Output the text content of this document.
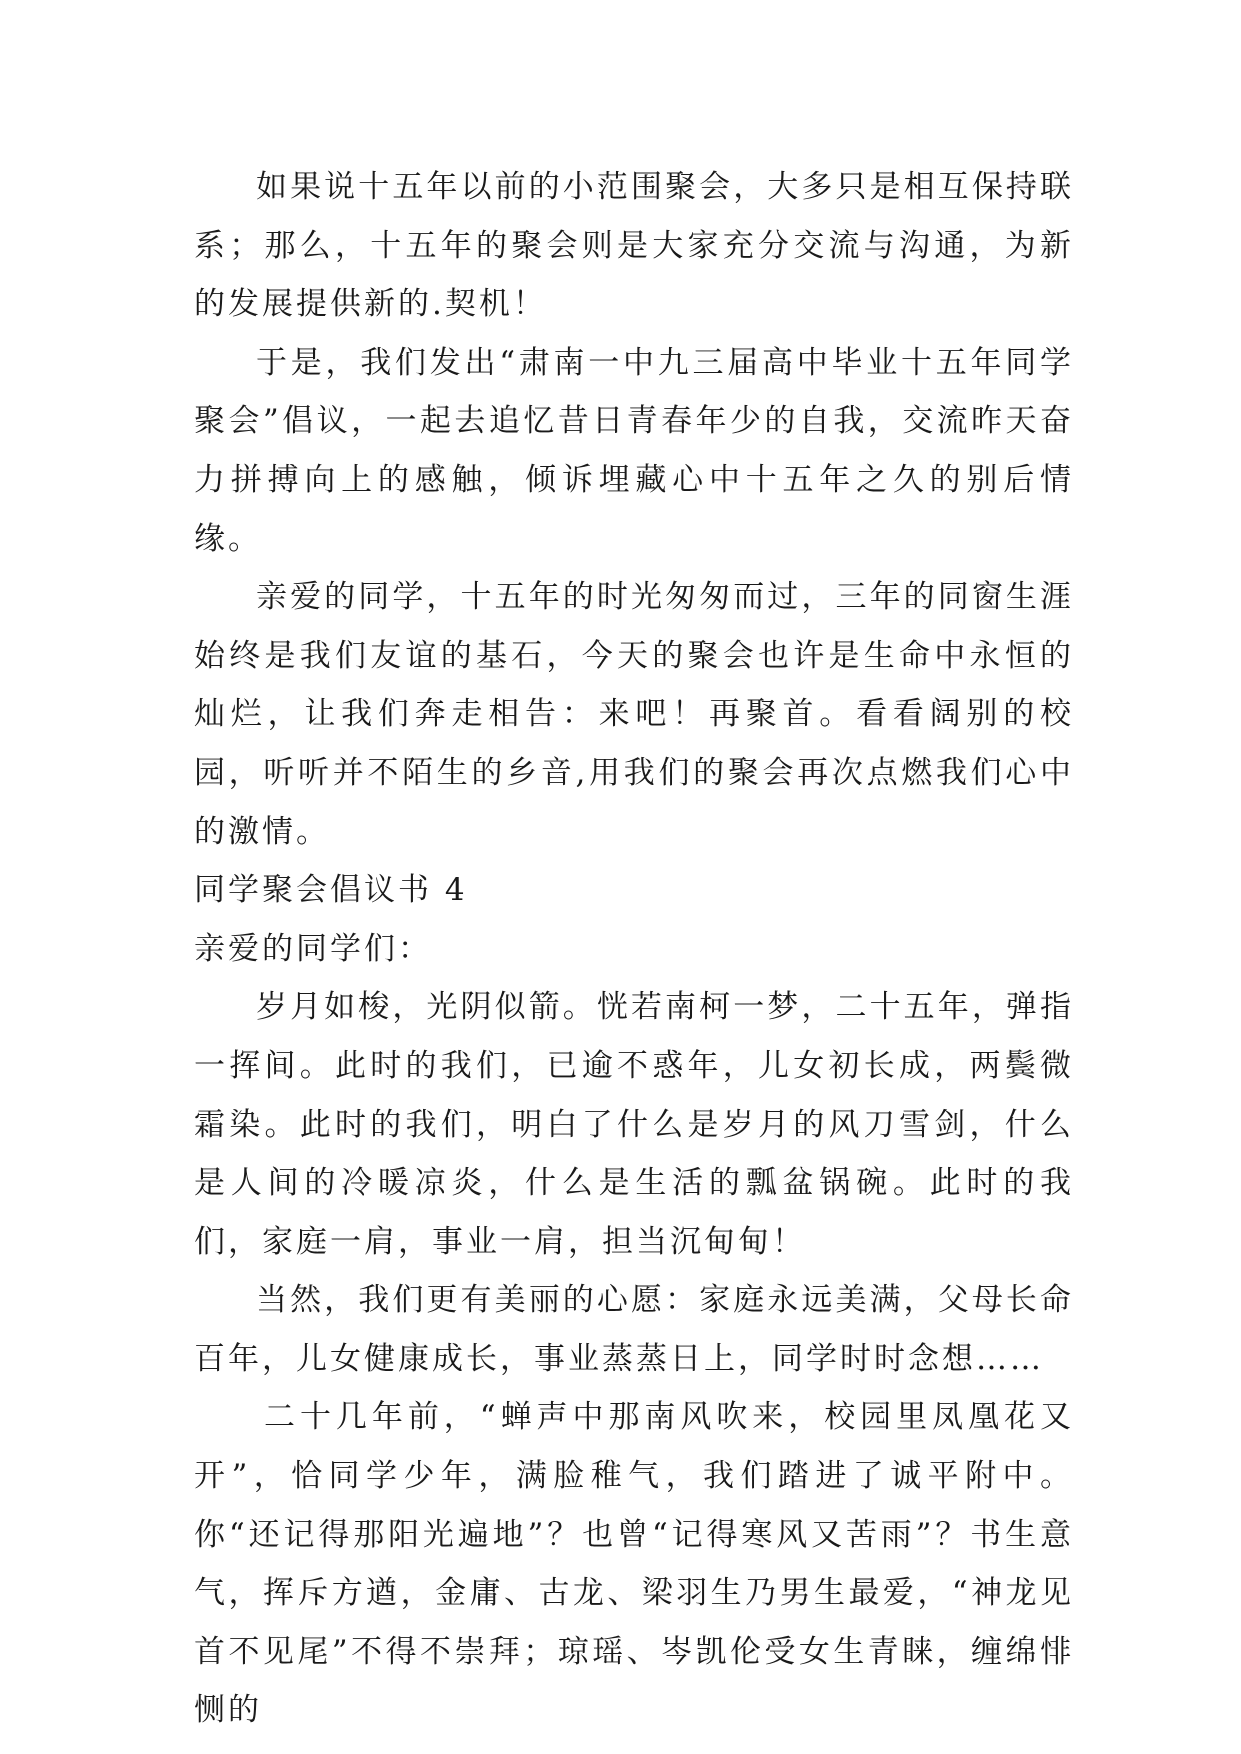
如果说十五年以前的小范围聚会，大多只是相互保持联系；那么，十五年的聚会则是大家充分交流与沟通，为新的发展提供新的.契机！

于是，我们发出“肃南一中九三届高中毕业十五年同学聚会”倡议，一起去追忆昔日青春年少的自我，交流昨天奋力拼搏向上的感触，倾诉埋藏心中十五年之久的别后情缘。

亲爱的同学，十五年的时光匆匆而过，三年的同窗生涯始终是我们友谊的基石，今天的聚会也许是生命中永恒的灿烂，让我们奔走相告：来吧！再聚首。看看阔别的校园，听听并不陌生的乡音,用我们的聚会再次点燃我们心中的激情。

同学聚会倡议书 4

亲爱的同学们：

岁月如梭，光阴似箭。恍若南柯一梦，二十五年，弹指一挥间。此时的我们，已逾不惑年，儿女初长成，两鬓微霜染。此时的我们，明白了什么是岁月的风刀雪剑，什么是人间的冷暖凉炎，什么是生活的瓢盆锅碗。此时的我们，家庭一肩，事业一肩，担当沉甸甸！

当然，我们更有美丽的心愿：家庭永远美满，父母长命百年，儿女健康成长，事业蒸蒸日上，同学时时念想……

二十几年前，“蝉声中那南风吹来，校园里凤凰花又开”，恰同学少年，满脸稚气，我们踏进了诚平附中。你“还记得那阳光遍地”？也曾“记得寒风又苦雨”？书生意气，挥斥方遒，金庸、古龙、梁羽生乃男生最爱，“神龙见首不见尾”不得不崇拜；琼瑶、岑凯伦受女生青睐，缠绵悱恻的
